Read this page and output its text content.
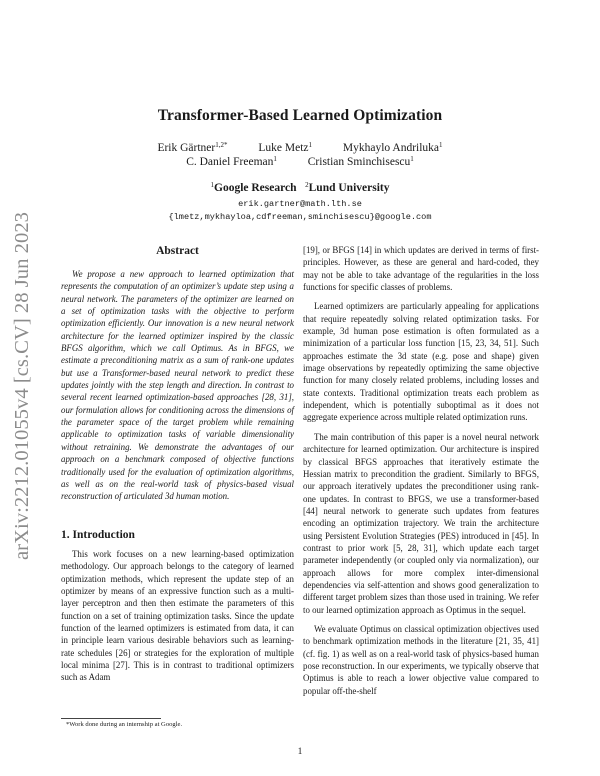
arXiv:2212.01055v4 [cs.CV] 28 Jun 2023
Transformer-Based Learned Optimization
Erik Gärtner$^{1,2*}$	Luke Metz$^1$	Mykhaylo Andriluka$^1$
C. Daniel Freeman$^1$	Cristian Sminchisescu$^1$
$^1$Google Research $^2$Lund University
erik.gartner@math.lth.se
{lmetz,mykhayloa,cdfreeman,sminchisescu}@google.com
Abstract

We propose a new approach to learned optimization that represents the computation of an optimizer’s update step using a neural network. The parameters of the optimizer are learned on a set of optimization tasks with the objective to perform optimization efficiently. Our innovation is a new neural network architecture for the learned optimizer inspired by the classic BFGS algorithm, which we call Optimus. As in BFGS, we estimate a preconditioning matrix as a sum of rank-one updates but use a Transformer-based neural network to predict these updates jointly with the step length and direction. In contrast to several recent learned optimization-based approaches [28, 31], our formulation allows for conditioning across the dimensions of the parameter space of the target problem while remaining applicable to optimization tasks of variable dimensionality without retraining. We demonstrate the advantages of our approach on a benchmark composed of objective functions traditionally used for the evaluation of optimization algorithms, as well as on the real-world task of physics-based visual reconstruction of articulated 3d human motion.

1. Introduction

This work focuses on a new learning-based optimization methodology. Our approach belongs to the category of learned optimization methods, which represent the update step of an optimizer by means of an expressive function such as a multi-layer perceptron and then then estimate the parameters of this function on a set of training optimization tasks. Since the update function of the learned optimizers is estimated from data, it can in principle learn various desirable behaviors such as learning-rate schedules [26] or strategies for the exploration of multiple local minima [27]. This is in contrast to traditional optimizers such as Adam

[19], or BFGS [14] in which updates are derived in terms of first-principles. However, as these are general and hard-coded, they may not be able to take advantage of the regularities in the loss functions for specific classes of problems.

Learned optimizers are particularly appealing for applications that require repeatedly solving related optimization tasks. For example, 3d human pose estimation is often formulated as a minimization of a particular loss function [15, 23, 34, 51]. Such approaches estimate the 3d state (e.g. pose and shape) given image observations by repeatedly optimizing the same objective function for many closely related problems, including losses and state contexts. Traditional optimization treats each problem as independent, which is potentially suboptimal as it does not aggregate experience across multiple related optimization runs.

The main contribution of this paper is a novel neural network architecture for learned optimization. Our architecture is inspired by classical BFGS approaches that iteratively estimate the Hessian matrix to precondition the gradient. Similarly to BFGS, our approach iteratively updates the preconditioner using rank-one updates. In contrast to BFGS, we use a transformer-based [44] neural network to generate such updates from features encoding an optimization trajectory. We train the architecture using Persistent Evolution Strategies (PES) introduced in [45]. In contrast to prior work [5, 28, 31], which update each target parameter independently (or coupled only via normalization), our approach allows for more complex inter-dimensional dependencies via self-attention and shows good generalization to different target problem sizes than those used in training. We refer to our learned optimization approach as Optimus in the sequel.

We evaluate Optimus on classical optimization objectives used to benchmark optimization methods in the literature [21, 35, 41] (cf. fig. 1) as well as on a real-world task of physics-based human pose reconstruction. In our experiments, we typically observe that Optimus is able to reach a lower objective value compared to popular off-the-shelf

*Work done during an internship at Google.
1
